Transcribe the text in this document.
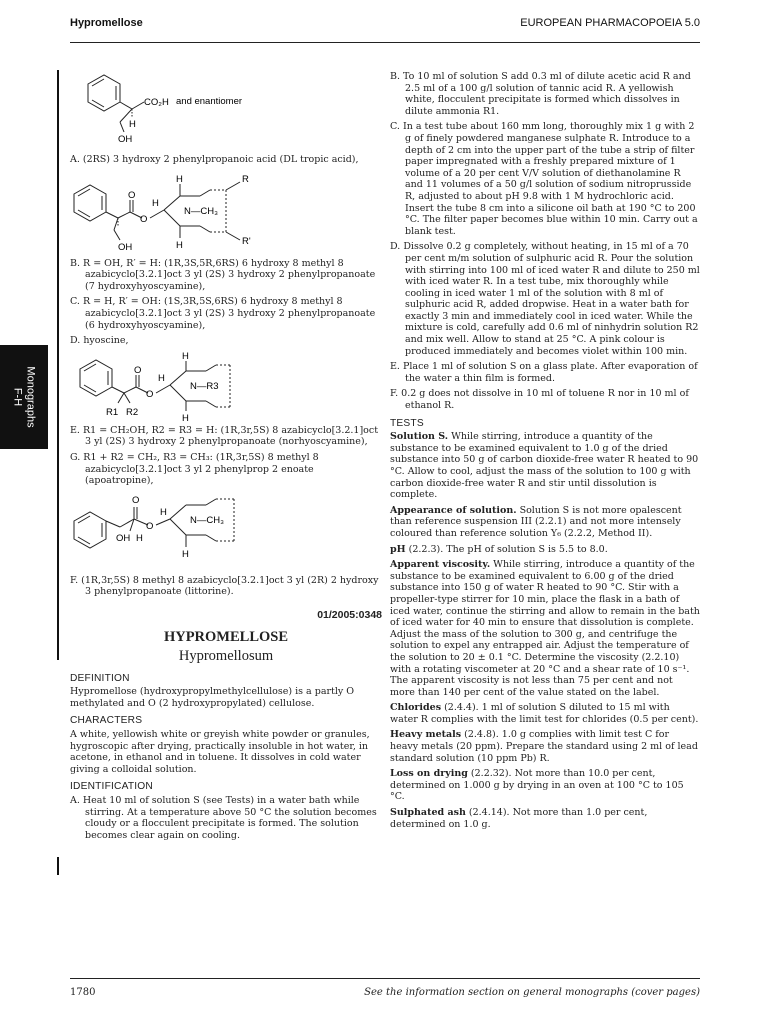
Hypromellose	EUROPEAN PHARMACOPOEIA 5.0
Monographs
F-H
CO₂H and enantiomer
H
OH
A. (2RS) 3 hydroxy 2 phenylpropanoic acid (DL tropic acid),
O
O
H
H
H
N—CH₃
R
R'
OH
B. R = OH, R′ = H: (1R,3S,5R,6RS) 6 hydroxy 8 methyl 8 azabicyclo[3.2.1]oct 3 yl (2S) 3 hydroxy 2 phenylpropanoate (7 hydroxyhyoscyamine),
C. R = H, R′ = OH: (1S,3R,5S,6RS) 6 hydroxy 8 methyl 8 azabicyclo[3.2.1]oct 3 yl (2S) 3 hydroxy 2 phenylpropanoate (6 hydroxyhyoscyamine),
D. hyoscine,
O
O
H
H
H
N—R3
R1 R2
E. R1 = CH₂OH, R2 = R3 = H: (1R,3r,5S) 8 azabicyclo[3.2.1]oct 3 yl (2S) 3 hydroxy 2 phenylpropanoate (norhyoscyamine),
G. R1 + R2 = CH₂, R3 = CH₃: (1R,3r,5S) 8 methyl 8 azabicyclo[3.2.1]oct 3 yl 2 phenylprop 2 enoate (apoatropine),
O
O
H
H
N—CH₃
OH H
F. (1R,3r,5S) 8 methyl 8 azabicyclo[3.2.1]oct 3 yl (2R) 2 hydroxy 3 phenylpropanoate (littorine).
01/2005:0348
HYPROMELLOSE
Hypromellosum
DEFINITION
Hypromellose (hydroxypropylmethylcellulose) is a partly O methylated and O (2 hydroxypropylated) cellulose.
CHARACTERS
A white, yellowish white or greyish white powder or granules, hygroscopic after drying, practically insoluble in hot water, in acetone, in ethanol and in toluene. It dissolves in cold water giving a colloidal solution.
IDENTIFICATION
A. Heat 10 ml of solution S (see Tests) in a water bath while stirring. At a temperature above 50 °C the solution becomes cloudy or a flocculent precipitate is formed. The solution becomes clear again on cooling.
B. To 10 ml of solution S add 0.3 ml of dilute acetic acid R and 2.5 ml of a 100 g/l solution of tannic acid R. A yellowish white, flocculent precipitate is formed which dissolves in dilute ammonia R1.
C. In a test tube about 160 mm long, thoroughly mix 1 g with 2 g of finely powdered manganese sulphate R. Introduce to a depth of 2 cm into the upper part of the tube a strip of filter paper impregnated with a freshly prepared mixture of 1 volume of a 20 per cent V/V solution of diethanolamine R and 11 volumes of a 50 g/l solution of sodium nitroprusside R, adjusted to about pH 9.8 with 1 M hydrochloric acid. Insert the tube 8 cm into a silicone oil bath at 190 °C to 200 °C. The filter paper becomes blue within 10 min. Carry out a blank test.
D. Dissolve 0.2 g completely, without heating, in 15 ml of a 70 per cent m/m solution of sulphuric acid R. Pour the solution with stirring into 100 ml of iced water R and dilute to 250 ml with iced water R. In a test tube, mix thoroughly while cooling in iced water 1 ml of the solution with 8 ml of sulphuric acid R, added dropwise. Heat in a water bath for exactly 3 min and immediately cool in iced water. While the mixture is cold, carefully add 0.6 ml of ninhydrin solution R2 and mix well. Allow to stand at 25 °C. A pink colour is produced immediately and becomes violet within 100 min.
E. Place 1 ml of solution S on a glass plate. After evaporation of the water a thin film is formed.
F. 0.2 g does not dissolve in 10 ml of toluene R nor in 10 ml of ethanol R.
TESTS
Solution S. While stirring, introduce a quantity of the substance to be examined equivalent to 1.0 g of the dried substance into 50 g of carbon dioxide-free water R heated to 90 °C. Allow to cool, adjust the mass of the solution to 100 g with carbon dioxide-free water R and stir until dissolution is complete.
Appearance of solution. Solution S is not more opalescent than reference suspension III (2.2.1) and not more intensely coloured than reference solution Y₆ (2.2.2, Method II).
pH (2.2.3). The pH of solution S is 5.5 to 8.0.
Apparent viscosity. While stirring, introduce a quantity of the substance to be examined equivalent to 6.00 g of the dried substance into 150 g of water R heated to 90 °C. Stir with a propeller-type stirrer for 10 min, place the flask in a bath of iced water, continue the stirring and allow to remain in the bath of iced water for 40 min to ensure that dissolution is complete. Adjust the mass of the solution to 300 g, and centrifuge the solution to expel any entrapped air. Adjust the temperature of the solution to 20 ± 0.1 °C. Determine the viscosity (2.2.10) with a rotating viscometer at 20 °C and a shear rate of 10 s⁻¹. The apparent viscosity is not less than 75 per cent and not more than 140 per cent of the value stated on the label.
Chlorides (2.4.4). 1 ml of solution S diluted to 15 ml with water R complies with the limit test for chlorides (0.5 per cent).
Heavy metals (2.4.8). 1.0 g complies with limit test C for heavy metals (20 ppm). Prepare the standard using 2 ml of lead standard solution (10 ppm Pb) R.
Loss on drying (2.2.32). Not more than 10.0 per cent, determined on 1.000 g by drying in an oven at 100 °C to 105 °C.
Sulphated ash (2.4.14). Not more than 1.0 per cent, determined on 1.0 g.
1780	See the information section on general monographs (cover pages)
